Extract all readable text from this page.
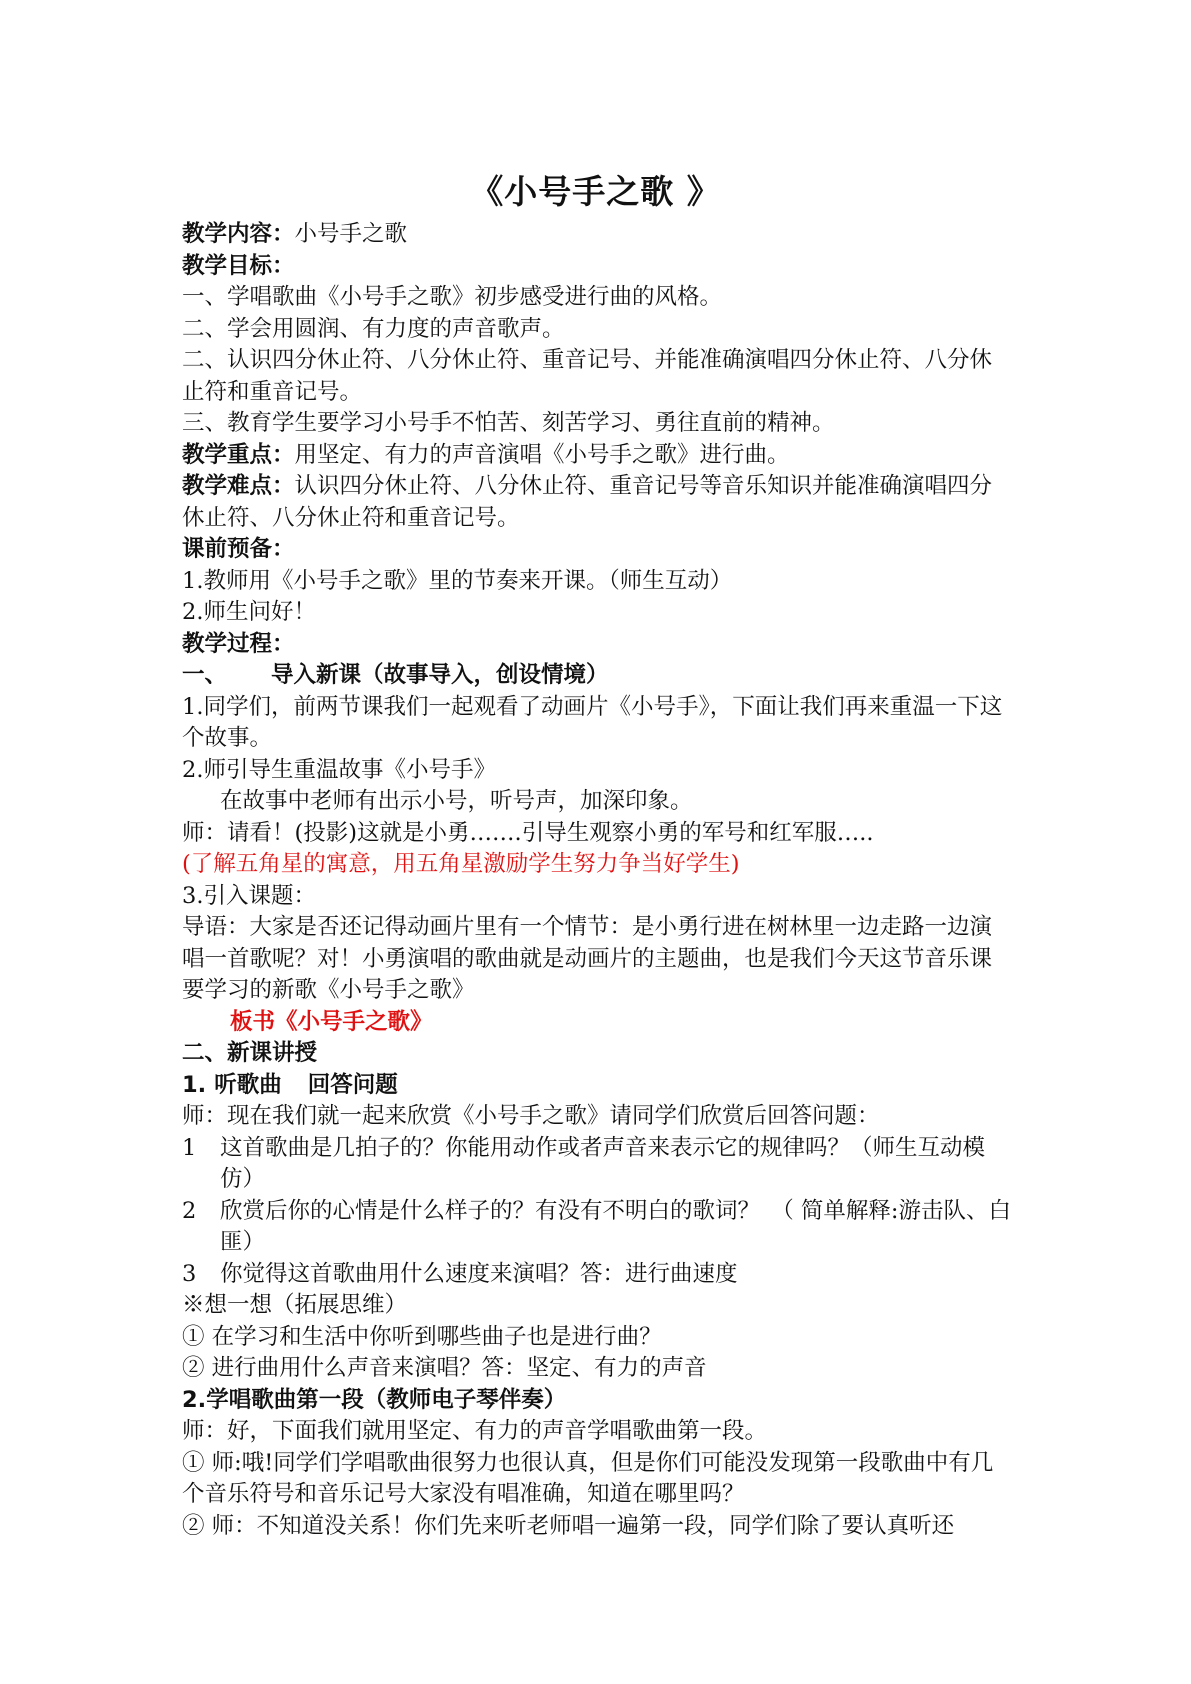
《小号手之歌 》

教学内容：小号手之歌

教学目标：

一、学唱歌曲《小号手之歌》初步感受进行曲的风格。

二、学会用圆润、有力度的声音歌声。

二、认识四分休止符、八分休止符、重音记号、并能准确演唱四分休止符、八分休止符和重音记号。

三、教育学生要学习小号手不怕苦、刻苦学习、勇往直前的精神。

教学重点：用坚定、有力的声音演唱《小号手之歌》进行曲。

教学难点：认识四分休止符、八分休止符、重音记号等音乐知识并能准确演唱四分休止符、八分休止符和重音记号。

课前预备：

1.教师用《小号手之歌》里的节奏来开课。（师生互动）

2.师生问好！

教学过程：

一、 导入新课（故事导入，创设情境）

1.同学们，前两节课我们一起观看了动画片《小号手》，下面让我们再来重温一下这个故事。

2.师引导生重温故事《小号手》

在故事中老师有出示小号，听号声，加深印象。

师：请看！(投影)这就是小勇…….引导生观察小勇的军号和红军服…..

(了解五角星的寓意，用五角星激励学生努力争当好学生)

3.引入课题：

导语：大家是否还记得动画片里有一个情节：是小勇行进在树林里一边走路一边演唱一首歌呢？对！小勇演唱的歌曲就是动画片的主题曲，也是我们今天这节音乐课要学习的新歌《小号手之歌》

板书《小号手之歌》

二、新课讲授

1. 听歌曲 回答问题

师：现在我们就一起来欣赏《小号手之歌》请同学们欣赏后回答问题：

1	这首歌曲是几拍子的？你能用动作或者声音来表示它的规律吗？（师生互动模仿）
2	欣赏后你的心情是什么样子的？有没有不明白的歌词？　（ 简单解释:游击队、白匪）
3	你觉得这首歌曲用什么速度来演唱？答：进行曲速度

※想一想（拓展思维）

① 在学习和生活中你听到哪些曲子也是进行曲？

② 进行曲用什么声音来演唱？答：坚定、有力的声音

2.学唱歌曲第一段（教师电子琴伴奏）

师：好，下面我们就用坚定、有力的声音学唱歌曲第一段。

① 师:哦!同学们学唱歌曲很努力也很认真，但是你们可能没发现第一段歌曲中有几个音乐符号和音乐记号大家没有唱准确，知道在哪里吗？

② 师：不知道没关系！你们先来听老师唱一遍第一段，同学们除了要认真听还
